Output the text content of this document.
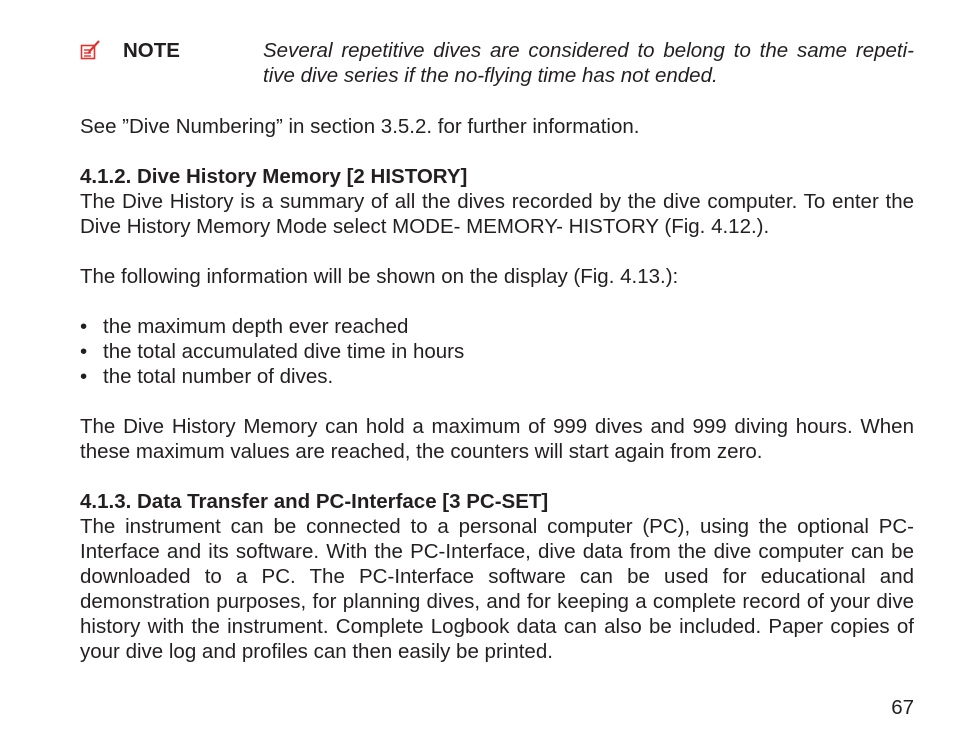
NOTE	Several repetitive dives are considered to belong to the same repeti-tive dive series if the no-flying time has not ended.

See ”Dive Numbering” in section 3.5.2. for further information.

4.1.2. Dive History Memory [2 HISTORY]

The Dive History is a summary of all the dives recorded by the dive computer. To enter the Dive History Memory Mode select MODE- MEMORY- HISTORY (Fig. 4.12.).

The following information will be shown on the display (Fig. 4.13.):

• the maximum depth ever reached
• the total accumulated dive time in hours
• the total number of dives.

The Dive History Memory can hold a maximum of 999 dives and 999 diving hours. When these maximum values are reached, the counters will start again from zero.

4.1.3. Data Transfer and PC-Interface [3 PC-SET]

The instrument can be connected to a personal computer (PC), using the optional PC-Interface and its software. With the PC-Interface, dive data from the dive computer can be downloaded to a PC. The PC-Interface software can be used for educational and demonstration purposes, for planning dives, and for keeping a complete record of your dive history with the instrument. Complete Logbook data can also be included. Paper copies of your dive log and profiles can then easily be printed.

67
